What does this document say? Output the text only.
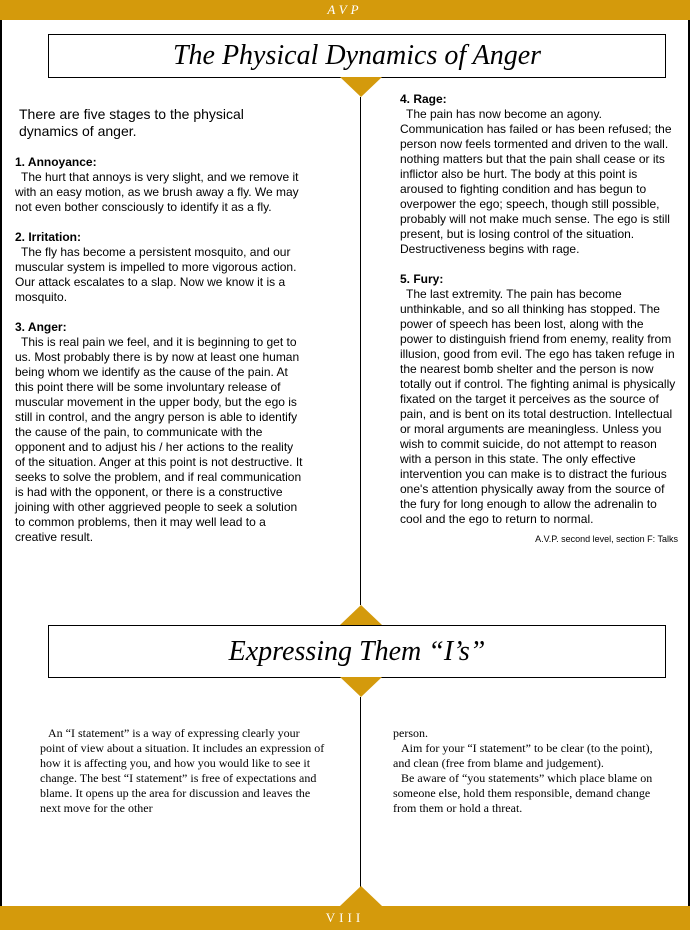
AVP
The Physical Dynamics of Anger

There are five stages to the physical dynamics of anger.

1. Annoyance:

The hurt that annoys is very slight, and we remove it with an easy motion, as we brush away a fly. We may not even bother consciously to identify it as a fly.

2. Irritation:

The fly has become a persistent mosquito, and our muscular system is impelled to more vigorous action. Our attack escalates to a slap. Now we know it is a mosquito.

3. Anger:

This is real pain we feel, and it is beginning to get to us. Most probably there is by now at least one human being whom we identify as the cause of the pain. At this point there will be some involuntary release of muscular movement in the upper body, but the ego is still in control, and the angry person is able to identify the cause of the pain, to communicate with the opponent and to adjust his / her actions to the reality of the situation. Anger at this point is not destructive. It seeks to solve the problem, and if real communication is had with the opponent, or there is a constructive joining with other aggrieved people to seek a solution to common problems, then it may well lead to a creative result.

4. Rage:

The pain has now become an agony. Communication has failed or has been refused; the person now feels tormented and driven to the wall. nothing matters but that the pain shall cease or its inflictor also be hurt. The body at this point is aroused to fighting condition and has begun to overpower the ego; speech, though still possible, probably will not make much sense. The ego is still present, but is losing control of the situation. Destructiveness begins with rage.

5. Fury:

The last extremity. The pain has become unthinkable, and so all thinking has stopped. The power of speech has been lost, along with the power to distinguish friend from enemy, reality from illusion, good from evil. The ego has taken refuge in the nearest bomb shelter and the person is now totally out if control. The fighting animal is physically fixated on the target it perceives as the source of pain, and is bent on its total destruction. Intellectual or moral arguments are meaningless. Unless you wish to commit suicide, do not attempt to reason with a person in this state. The only effective intervention you can make is to distract the furious one's attention physically away from the source of the fury for long enough to allow the adrenalin to cool and the ego to return to normal.

A.V.P. second level, section F: Talks

Expressing Them “I’s”

An “I statement” is a way of expressing clearly your point of view about a situation. It includes an expression of how it is affecting you, and how you would like to see it change. The best “I statement” is free of expectations and blame. It opens up the area for discussion and leaves the next move for the other

person.

Aim for your “I statement” to be clear (to the point), and clean (free from blame and judgement).

Be aware of “you statements” which place blame on someone else, hold them responsible, demand change from them or hold a threat.

VIII
